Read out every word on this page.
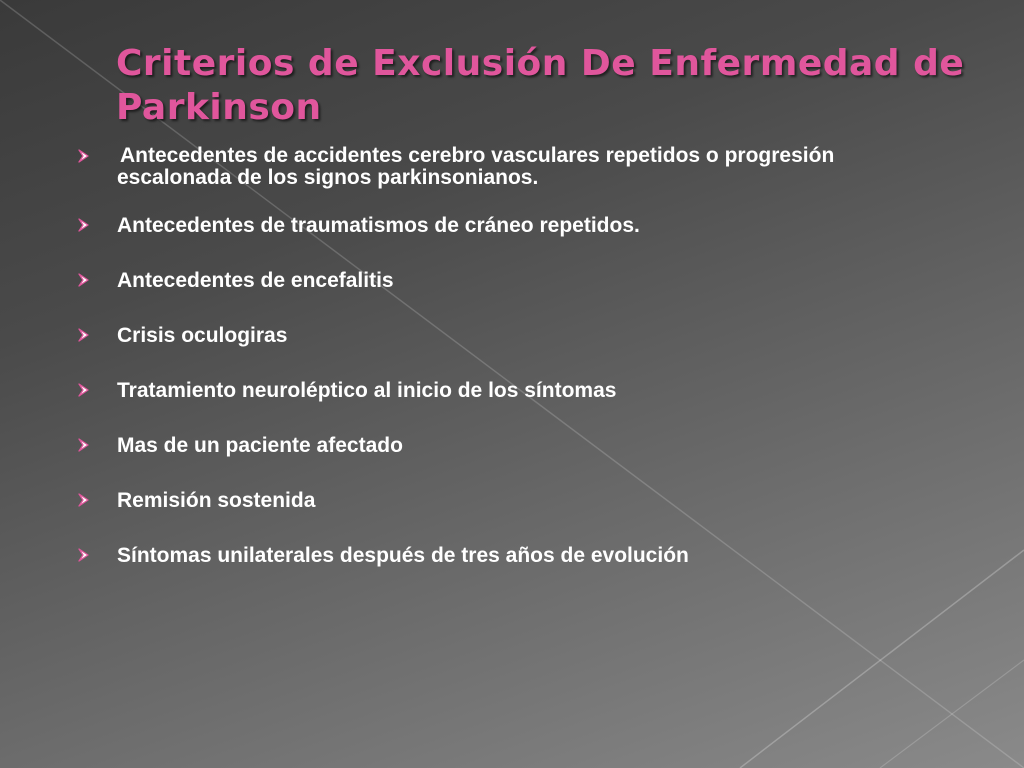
Criterios de Exclusión De Enfermedad de Parkinson
Antecedentes de accidentes cerebro vasculares repetidos o progresión escalonada de los signos parkinsonianos.
Antecedentes de traumatismos de cráneo repetidos.
Antecedentes de encefalitis
Crisis oculogiras
Tratamiento neuroléptico al inicio de los síntomas
Mas de un paciente afectado
Remisión sostenida
Síntomas unilaterales después de tres años de evolución
